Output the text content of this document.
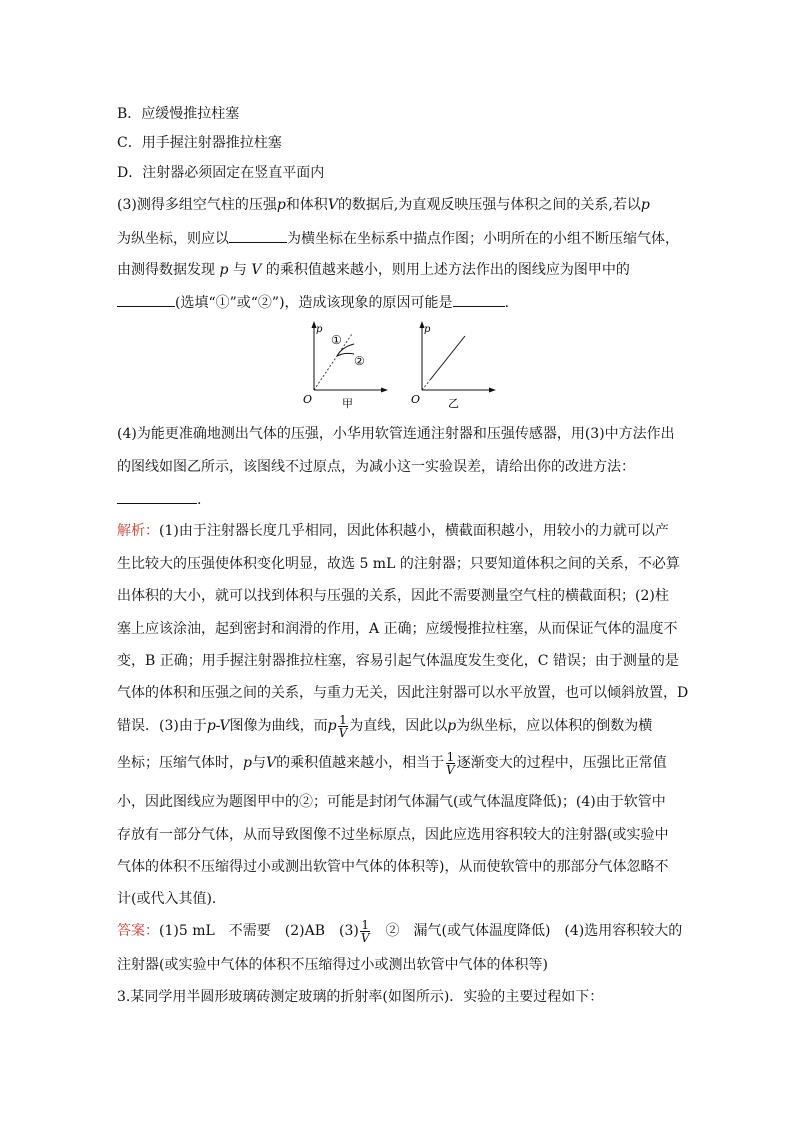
B．应缓慢推拉柱塞
C．用手握注射器推拉柱塞
D．注射器必须固定在竖直平面内
(3)测得多组空气柱的压强p和体积V的数据后,为直观反映压强与体积之间的关系,若以p
为纵坐标，则应以	为横坐标在坐标系中描点作图；小明所在的小组不断压缩气体，
由测得数据发现 p 与 V 的乘积值越来越小，则用上述方法作出的图线应为图甲中的
(选填“①”或“②”)，造成该现象的原因可能是	.
p
O
①
②
甲
p
O	乙
(4)为能更准确地测出气体的压强，小华用软管连通注射器和压强传感器，用(3)中方法作出
的图线如图乙所示，该图线不过原点，为减小这一实验误差，请给出你的改进方法：
.
解析：(1)由于注射器长度几乎相同，因此体积越小，横截面积越小，用较小的力就可以产
生比较大的压强使体积变化明显，故选 5 mL 的注射器；只要知道体积之间的关系，不必算
出体积的大小，就可以找到体积与压强的关系，因此不需要测量空气柱的横截面积；(2)柱
塞上应该涂油，起到密封和润滑的作用，A 正确；应缓慢推拉柱塞，从而保证气体的温度不
变，B 正确；用手握注射器推拉柱塞，容易引起气体温度发生变化，C 错误；由于测量的是
气体的体积和压强之间的关系，与重力无关，因此注射器可以水平放置，也可以倾斜放置，D
错误．(3)由于p-V图像为曲线，而p $\frac{1}{V}$ 为直线，因此以p为纵坐标，应以体积的倒数为横
坐标；压缩气体时，p与V的乘积值越来越小，相当于 $\frac{1}{V}$ 逐渐变大的过程中，压强比正常值
小，因此图线应为题图甲中的②；可能是封闭气体漏气(或气体温度降低)；(4)由于软管中
存放有一部分气体，从而导致图像不过坐标原点，因此应选用容积较大的注射器(或实验中
气体的体积不压缩得过小或测出软管中气体的体积等)，从而使软管中的那部分气体忽略不
计(或代入其值)．
答案：(1)5 mL　不需要　(2)AB　$(3) \frac{1}{V}$ 　②　漏气(或气体温度降低)　(4)选用容积较大的
注射器(或实验中气体的体积不压缩得过小或测出软管中气体的体积等)
3.某同学用半圆形玻璃砖测定玻璃的折射率(如图所示)．实验的主要过程如下：
